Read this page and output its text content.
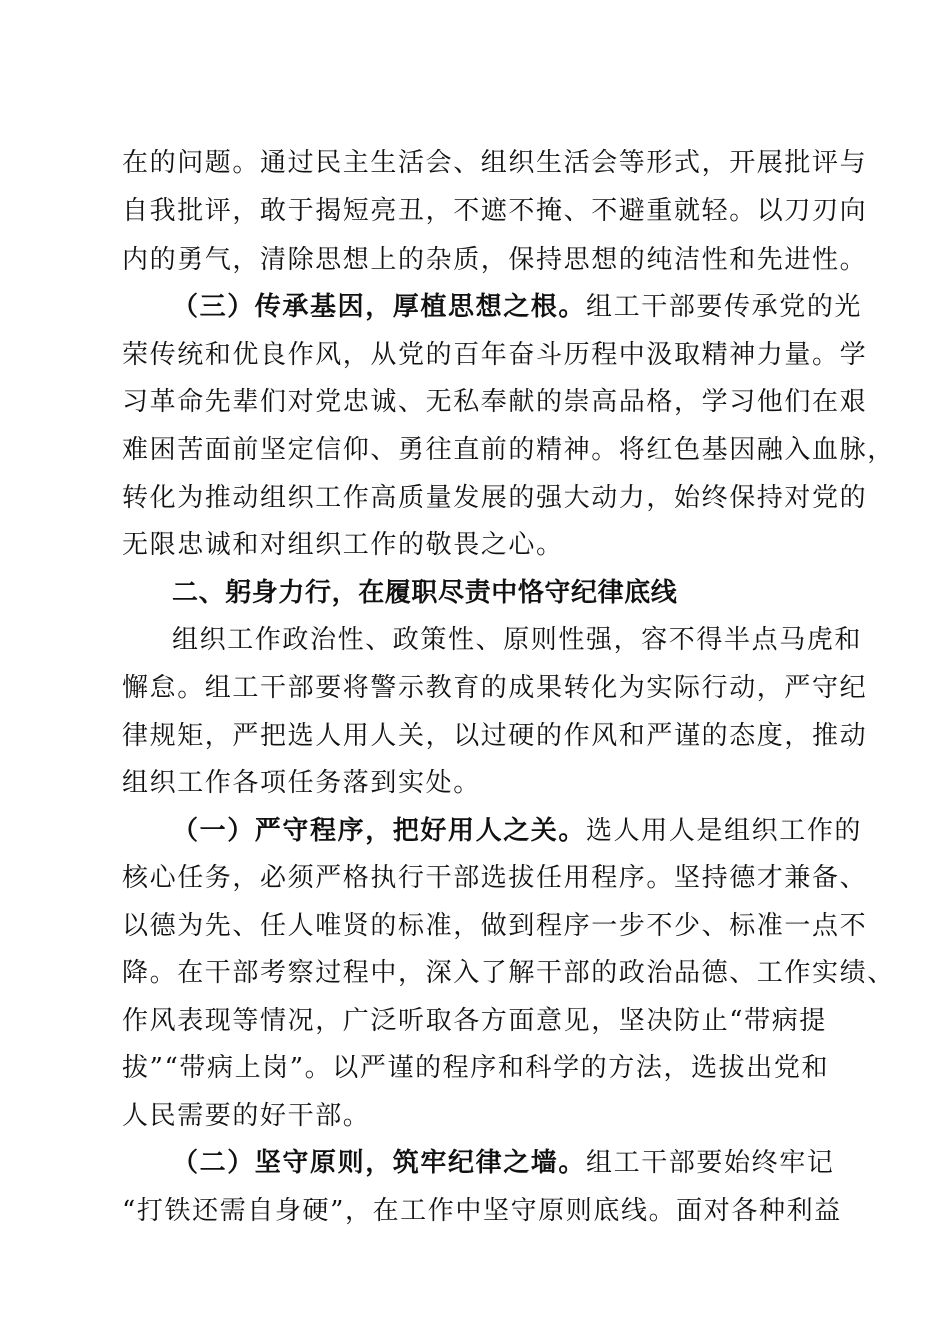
在的问题。通过民主生活会、组织生活会等形式，开展批评与
自我批评，敢于揭短亮丑，不遮不掩、不避重就轻。以刀刃向
内的勇气，清除思想上的杂质，保持思想的纯洁性和先进性。
（三）传承基因，厚植思想之根。组工干部要传承党的光
荣传统和优良作风，从党的百年奋斗历程中汲取精神力量。学
习革命先辈们对党忠诚、无私奉献的崇高品格，学习他们在艰
难困苦面前坚定信仰、勇往直前的精神。将红色基因融入血脉，
转化为推动组织工作高质量发展的强大动力，始终保持对党的
无限忠诚和对组织工作的敬畏之心。
二、躬身力行，在履职尽责中恪守纪律底线
组织工作政治性、政策性、原则性强，容不得半点马虎和
懈怠。组工干部要将警示教育的成果转化为实际行动，严守纪
律规矩，严把选人用人关，以过硬的作风和严谨的态度，推动
组织工作各项任务落到实处。
（一）严守程序，把好用人之关。选人用人是组织工作的
核心任务，必须严格执行干部选拔任用程序。坚持德才兼备、
以德为先、任人唯贤的标准，做到程序一步不少、标准一点不
降。在干部考察过程中，深入了解干部的政治品德、工作实绩、
作风表现等情况，广泛听取各方面意见，坚决防止“带病提
拔”“带病上岗”。以严谨的程序和科学的方法，选拔出党和
人民需要的好干部。
（二）坚守原则，筑牢纪律之墙。组工干部要始终牢记
“打铁还需自身硬”，在工作中坚守原则底线。面对各种利益
